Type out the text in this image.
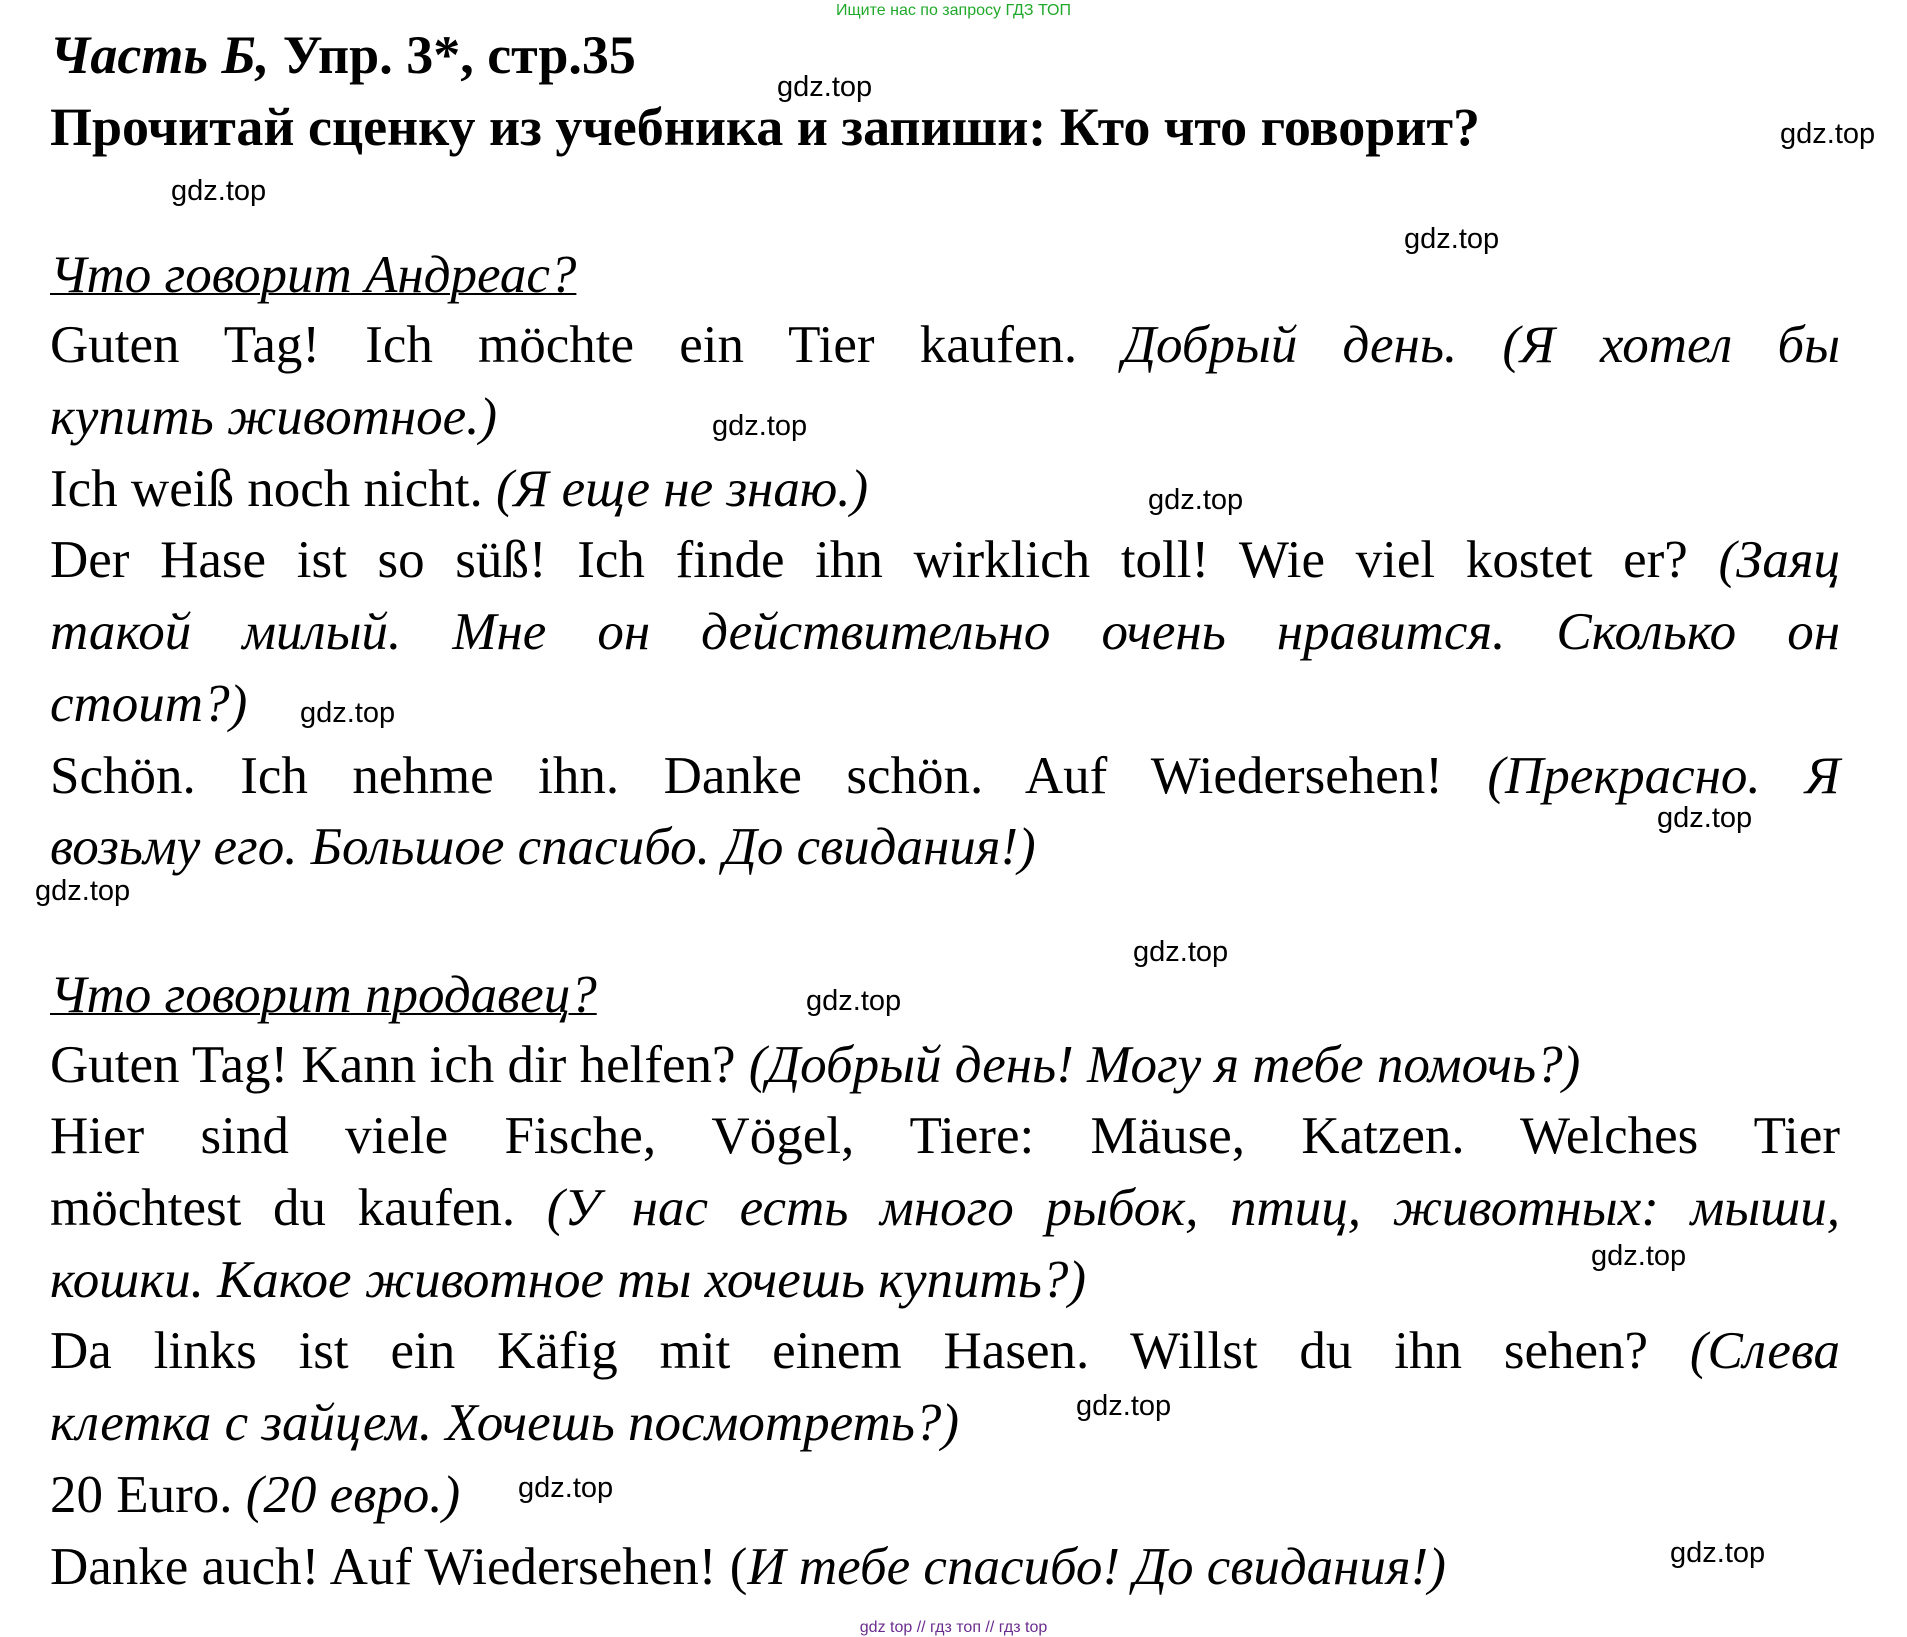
Ищите нас по запросу ГДЗ ТОП
Часть Б, Упр. 3*, стр.35
Прочитай сценку из учебника и запиши: Кто что говорит?
Что говорит Андреас?
Guten Tag! Ich möchte ein Tier kaufen. Добрый день. (Я хотел бы
купить животное.)
Ich weiß noch nicht. (Я еще не знаю.)
Der Hase ist so süß! Ich finde ihn wirklich toll! Wie viel kostet er? (Заяц
такой милый. Мне он действительно очень нравится. Сколько он
стоит?)
Schön. Ich nehme ihn. Danke schön. Auf Wiedersehen! (Прекрасно. Я
возьму его. Большое спасибо. До свидания!)
Что говорит продавец?
Guten Tag! Kann ich dir helfen? (Добрый день! Могу я тебе помочь?)
Hier sind viele Fische, Vögel, Tiere: Mäuse, Katzen. Welches Tier
möchtest du kaufen. (У нас есть много рыбок, птиц, животных: мыши,
кошки. Какое животное ты хочешь купить?)
Da links ist ein Käfig mit einem Hasen. Willst du ihn sehen? (Слева
клетка с зайцем. Хочешь посмотреть?)
20 Euro. (20 евро.)
Danke auch! Auf Wiedersehen! (И тебе спасибо! До свидания!)
gdz.top
gdz.top
gdz.top
gdz.top
gdz.top
gdz.top
gdz.top
gdz.top
gdz.top
gdz.top
gdz.top
gdz.top
gdz.top
gdz.top
gdz.top
gdz top // гдз топ // гдз top
